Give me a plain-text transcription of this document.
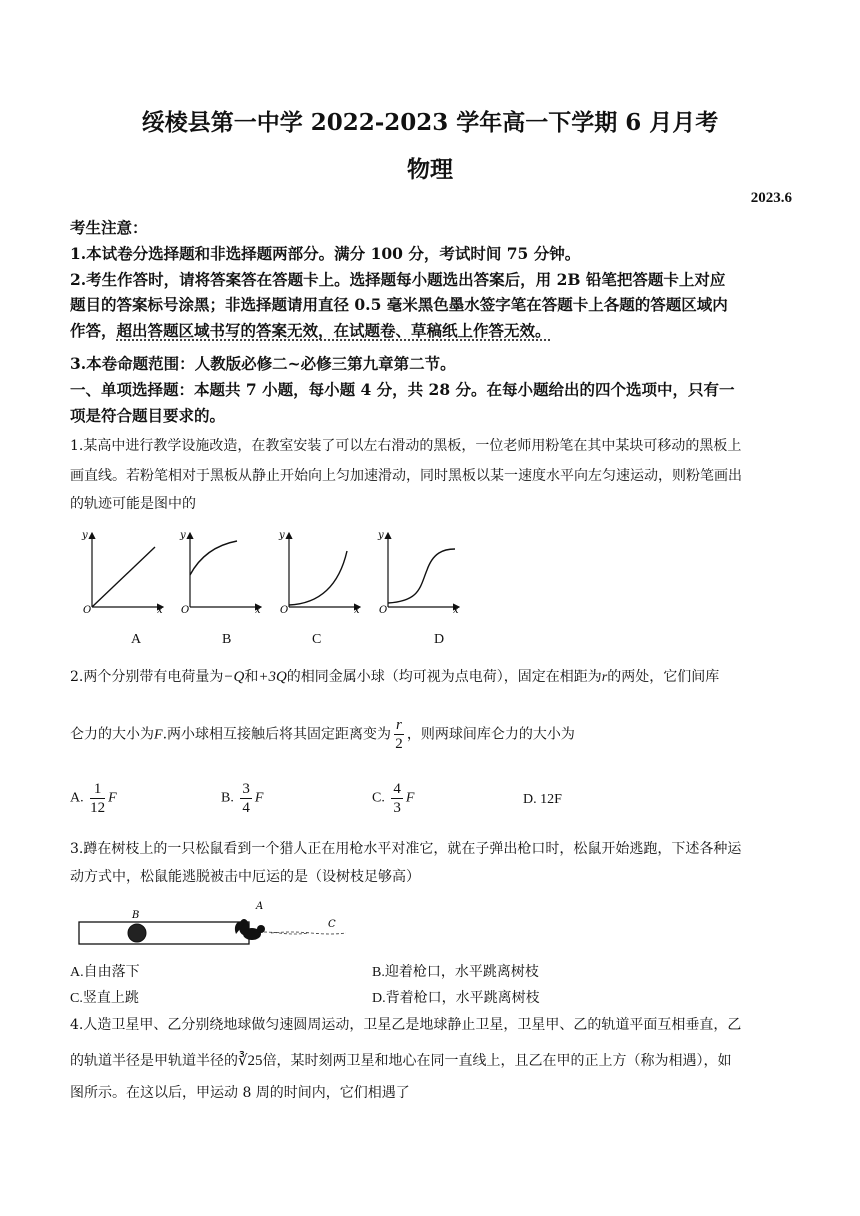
绥棱县第一中学 2022-2023 学年高一下学期 6 月月考
物理
2023.6
考生注意：
1.本试卷分选择题和非选择题两部分。满分 100 分，考试时间 75 分钟。
2.考生作答时，请将答案答在答题卡上。选择题每小题选出答案后，用 2B 铅笔把答题卡上对应
题目的答案标号涂黑；非选择题请用直径 0.5 毫米黑色墨水签字笔在答题卡上各题的答题区域内
作答，超出答题区域书写的答案无效，在试题卷、草稿纸上作答无效。
3.本卷命题范围：人教版必修二~必修三第九章第二节。
一、单项选择题：本题共 7 小题，每小题 4 分，共 28 分。在每小题给出的四个选项中，只有一
项是符合题目要求的。
1.某高中进行教学设施改造，在教室安装了可以左右滑动的黑板，一位老师用粉笔在其中某块可移动的黑板上
画直线。若粉笔相对于黑板从静止开始向上匀加速滑动，同时黑板以某一速度水平向左匀速运动，则粉笔画出
的轨迹可能是图中的
y
O	x
y
O	x
y
O	x
y
O	x
A	B	C	D
2.两个分别带有电荷量为−Q和+3Q的相同金属小球（均可视为点电荷），固定在相距为r的两处，它们间库
仑力的大小为F.两小球相互接触后将其固定距离变为 $\frac{r}{2}$ ，则两球间库仑力的大小为
A. $\frac{1}{12}$ F	B. $\frac{3}{4}$ F	C. $\frac{4}{3}$ F	D. 12F
3.蹲在树枝上的一只松鼠看到一个猎人正在用枪水平对准它，就在子弹出枪口时，松鼠开始逃跑，下述各种运
动方式中，松鼠能逃脱被击中厄运的是（设树枝足够高）
B
A
C
A.自由落下	B.迎着枪口，水平跳离树枝
C.竖直上跳	D.背着枪口，水平跳离树枝
4.人造卫星甲、乙分别绕地球做匀速圆周运动，卫星乙是地球静止卫星，卫星甲、乙的轨道平面互相垂直，乙
的轨道半径是甲轨道半径的∛25倍，某时刻两卫星和地心在同一直线上，且乙在甲的正上方（称为相遇），如
图所示。在这以后，甲运动 8 周的时间内，它们相遇了
